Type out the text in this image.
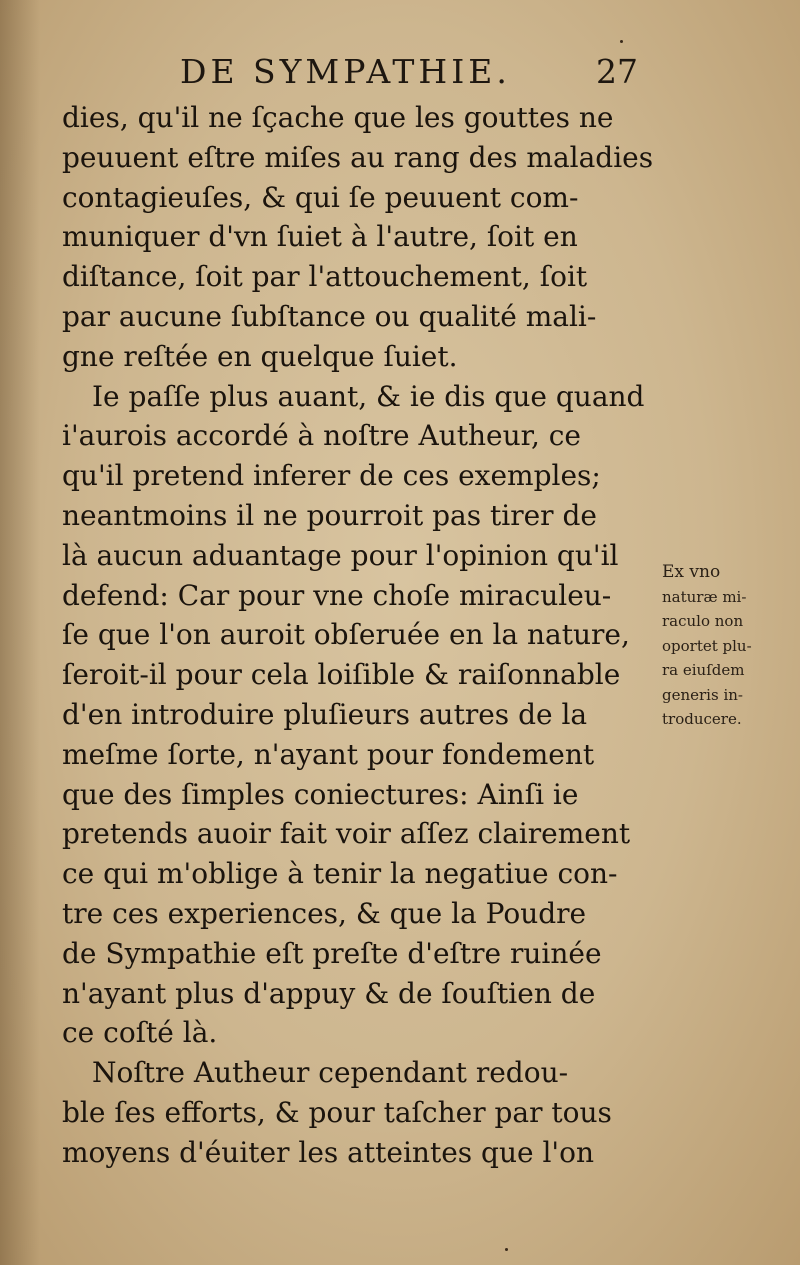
DE SYMPATHIE.	27
dies, qu'il ne ſçache que les gouttes ne
peuuent eſtre miſes au rang des maladies
contagieuſes, & qui ſe peuuent com-
muniquer d'vn ſuiet à l'autre, ſoit en
diſtance, ſoit par l'attouchement, ſoit
par aucune ſubſtance ou qualité mali-
gne reſtée en quelque ſuiet.
Ie paſſe plus auant, & ie dis que quand
i'aurois accordé à noſtre Autheur, ce
qu'il pretend inferer de ces exemples;
neantmoins il ne pourroit pas tirer de
là aucun aduantage pour l'opinion qu'il
defend: Car pour vne choſe miraculeu-
ſe que l'on auroit obſeruée en la nature,
ſeroit-il pour cela loiſible & raiſonnable
d'en introduire pluſieurs autres de la
meſme ſorte, n'ayant pour fondement
que des ſimples coniectures: Ainſi ie
pretends auoir fait voir aſſez clairement
ce qui m'oblige à tenir la negatiue con-
tre ces experiences, & que la Poudre
de Sympathie eſt preſte d'eſtre ruinée
n'ayant plus d'appuy & de ſouſtien de
ce coſté là.
Noſtre Autheur cependant redou-
ble ſes efforts, & pour taſcher par tous
moyens d'éuiter les atteintes que l'on
Ex vno
naturæ mi-
raculo non
oportet plu-
ra eiuſdem
generis in-
troducere.
